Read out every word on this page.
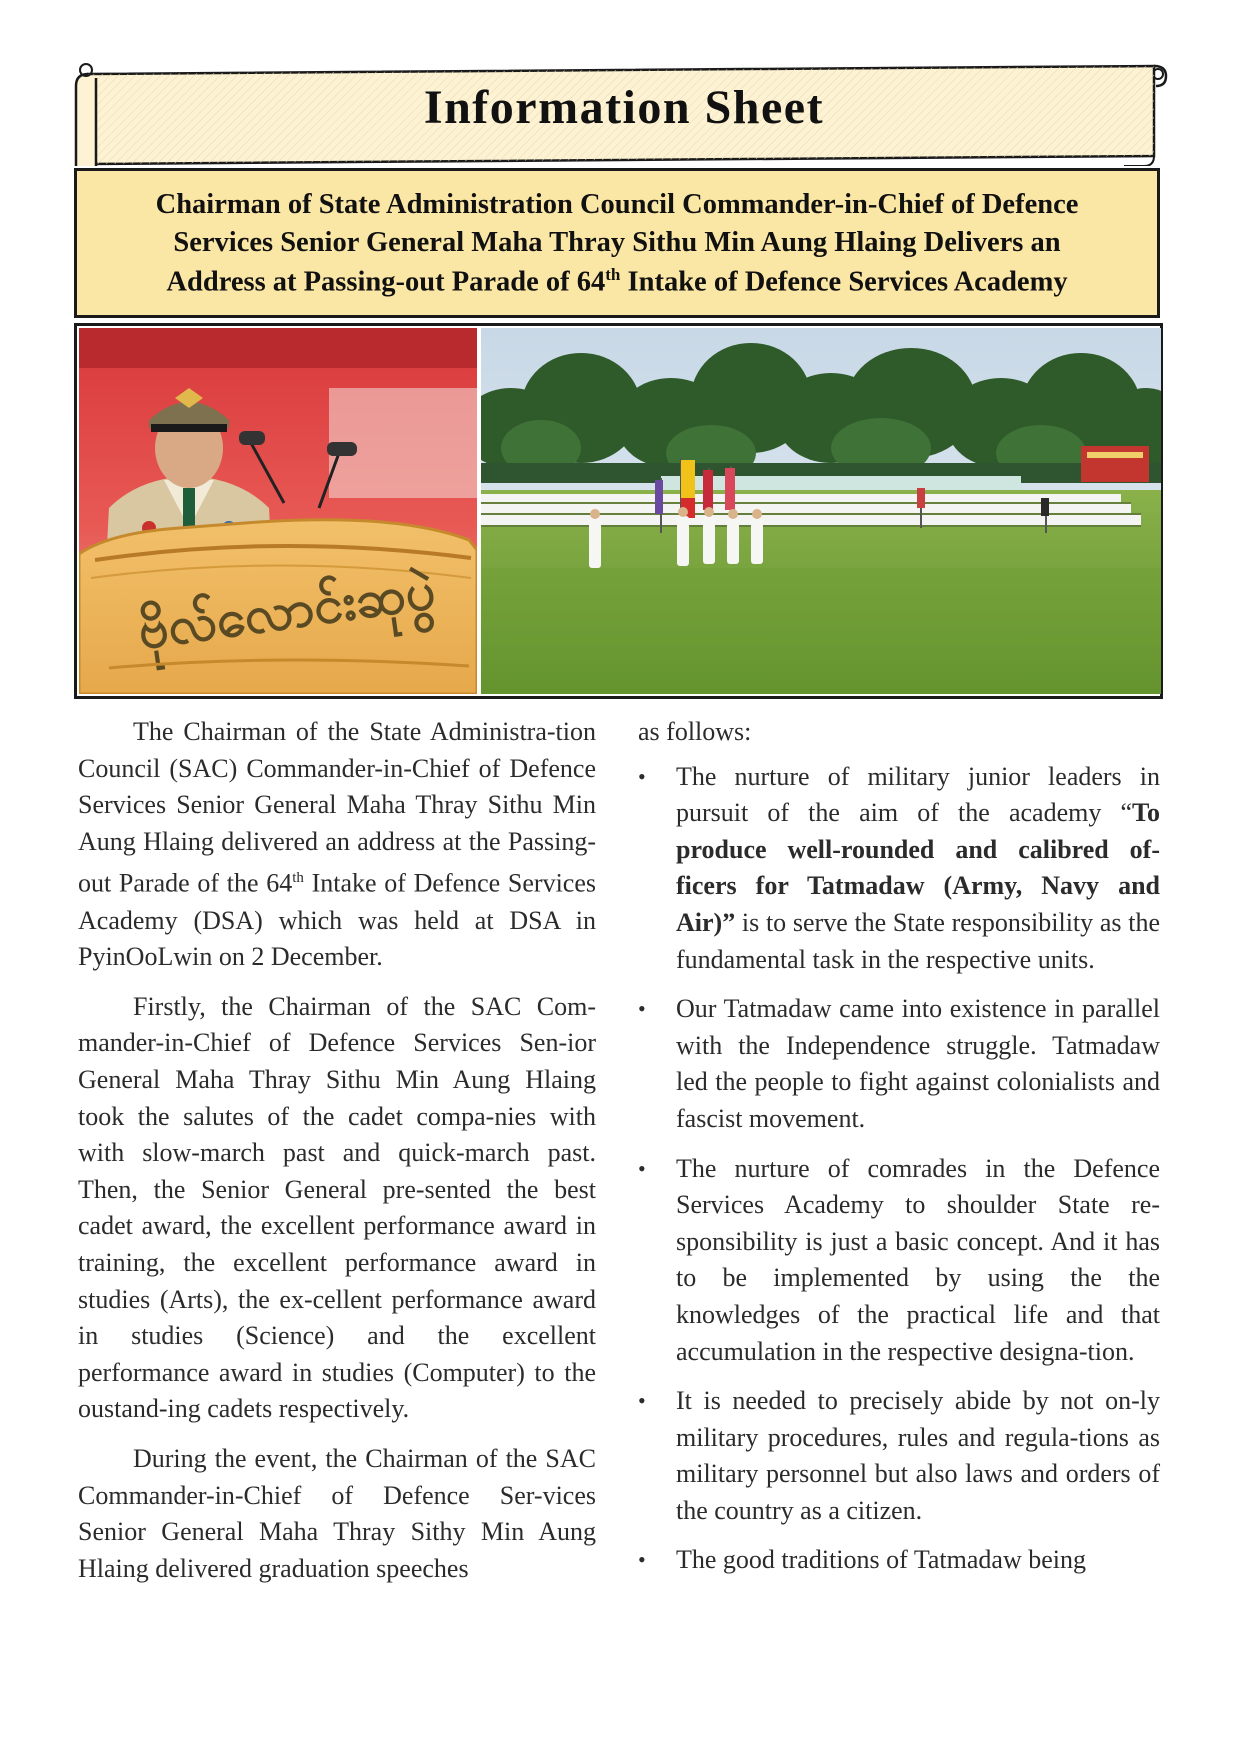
Information Sheet

Chairman of State Administration Council Commander-in-Chief of Defence

Services Senior General Maha Thray Sithu Min Aung Hlaing Delivers an

Address at Passing-out Parade of 64th Intake of Defence Services Academy

ဗိုလ်လောင်းဆုပွဲ

The Chairman of the State Administra-tion Council (SAC) Commander-in-Chief of Defence Services Senior General Maha Thray Sithu Min Aung Hlaing delivered an address at the Passing-out Parade of the 64th Intake of Defence Services Academy (DSA) which was held at DSA in PyinOoLwin on 2 December.

Firstly, the Chairman of the SAC Com-mander-in-Chief of Defence Services Sen-ior General Maha Thray Sithu Min Aung Hlaing took the salutes of the cadet compa-nies with with slow-march past and quick-march past. Then, the Senior General pre-sented the best cadet award, the excellent performance award in training, the excellent performance award in studies (Arts), the ex-cellent performance award in studies (Science) and the excellent performance award in studies (Computer) to the oustand-ing cadets respectively.

During the event, the Chairman of the SAC Commander-in-Chief of Defence Ser-vices Senior General Maha Thray Sithy Min Aung Hlaing delivered graduation speeches

as follows:

• The nurture of military junior leaders in pursuit of the aim of the academy “To produce well-rounded and calibred of-ficers for Tatmadaw (Army, Navy and Air)” is to serve the State responsibility as the fundamental task in the respective units.
• Our Tatmadaw came into existence in parallel with the Independence struggle. Tatmadaw led the people to fight against colonialists and fascist movement.
• The nurture of comrades in the Defence Services Academy to shoulder State re-sponsibility is just a basic concept. And it has to be implemented by using the the knowledges of the practical life and that accumulation in the respective designa-tion.
• It is needed to precisely abide by not on-ly military procedures, rules and regula-tions as military personnel but also laws and orders of the country as a citizen.
• The good traditions of Tatmadaw being
